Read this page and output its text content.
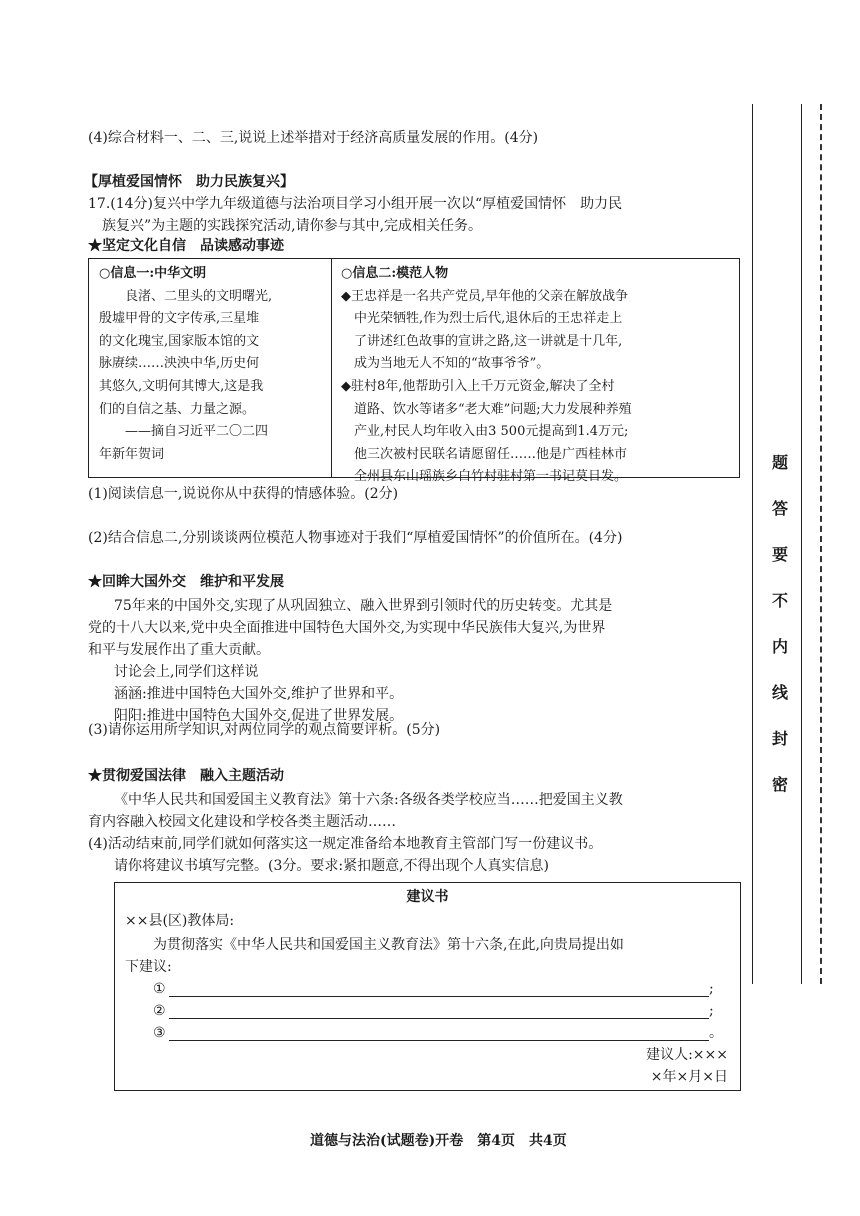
(4)综合材料一、二、三,说说上述举措对于经济高质量发展的作用。(4分)
【厚植爱国情怀　助力民族复兴】
17.(14分)复兴中学九年级道德与法治项目学习小组开展一次以“厚植爱国情怀　助力民
族复兴”为主题的实践探究活动,请你参与其中,完成相关任务。
★坚定文化自信　品读感动事迹
○信息一:中华文明
良渚、二里头的文明曙光,
殷墟甲骨的文字传承,三星堆
的文化瑰宝,国家版本馆的文
脉赓续……泱泱中华,历史何
其悠久,文明何其博大,这是我
们的自信之基、力量之源。
——摘自习近平二〇二四
年新年贺词
○信息二:模范人物
◆王忠祥是一名共产党员,早年他的父亲在解放战争
　中光荣牺牲,作为烈士后代,退休后的王忠祥走上
　了讲述红色故事的宣讲之路,这一讲就是十几年,
　成为当地无人不知的“故事爷爷”。
◆驻村8年,他帮助引入上千万元资金,解决了全村
　道路、饮水等诸多“老大难”问题;大力发展种养殖
　产业,村民人均年收入由3 500元提高到1.4万元;
　他三次被村民联名请愿留任……他是广西桂林市
　全州县东山瑶族乡白竹村驻村第一书记莫日发。
(1)阅读信息一,说说你从中获得的情感体验。(2分)
(2)结合信息二,分别谈谈两位模范人物事迹对于我们“厚植爱国情怀”的价值所在。(4分)
★回眸大国外交　维护和平发展
75年来的中国外交,实现了从巩固独立、融入世界到引领时代的历史转变。尤其是
党的十八大以来,党中央全面推进中国特色大国外交,为实现中华民族伟大复兴,为世界
和平与发展作出了重大贡献。
讨论会上,同学们这样说
涵涵:推进中国特色大国外交,维护了世界和平。
阳阳:推进中国特色大国外交,促进了世界发展。
(3)请你运用所学知识,对两位同学的观点简要评析。(5分)
★贯彻爱国法律　融入主题活动
《中华人民共和国爱国主义教育法》第十六条:各级各类学校应当……把爱国主义教
育内容融入校园文化建设和学校各类主题活动……
(4)活动结束前,同学们就如何落实这一规定准备给本地教育主管部门写一份建议书。
请你将建议书填写完整。(3分。要求:紧扣题意,不得出现个人真实信息)
建议书
××县(区)教体局:
为贯彻落实《中华人民共和国爱国主义教育法》第十六条,在此,向贵局提出如
下建议:
①	;
②	;
③	。
建议人:×××
×年×月×日
题
答
要
不
内
线
封
密
道德与法治(试题卷)开卷　第4页　共4页
